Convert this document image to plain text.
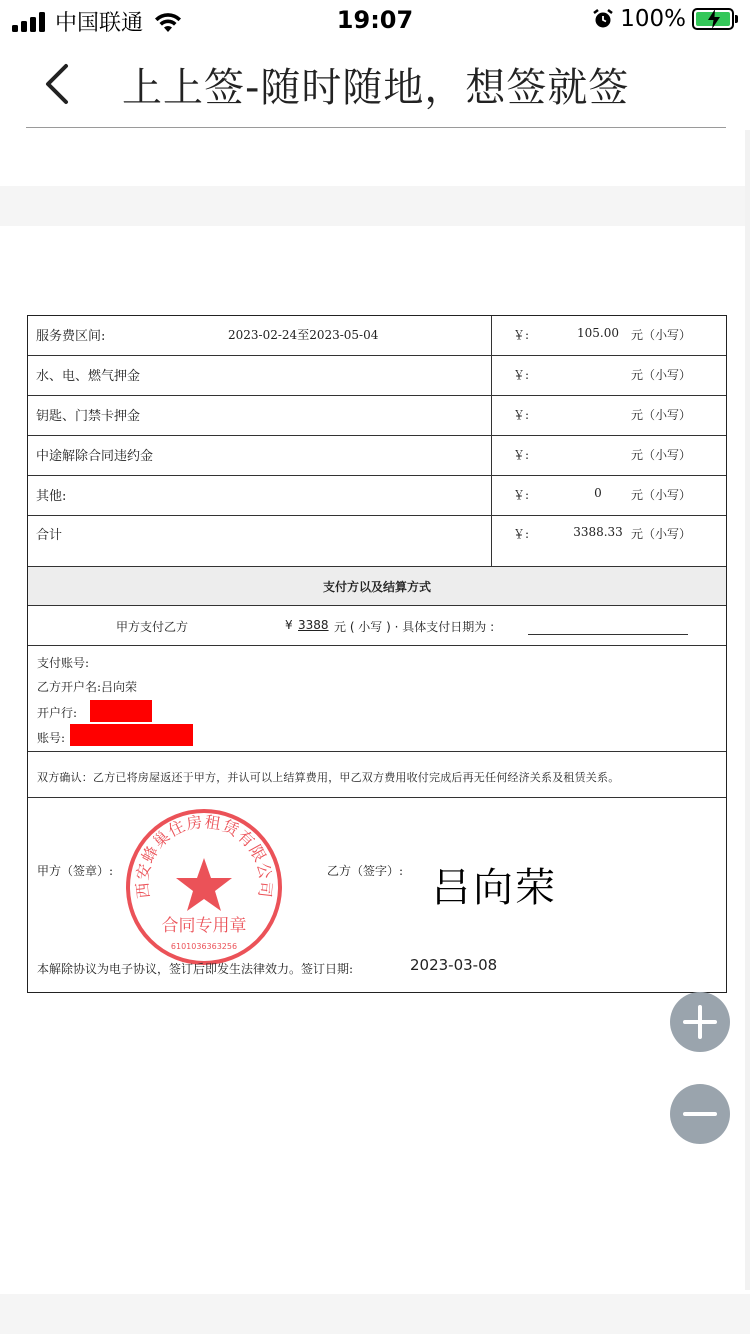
中国联通	19:07	100%
上上签-随时随地，想签就签
服务费区间:	2023-02-24至2023-05-04	￥:	105.00	元（小写）
水、电、燃气押金	￥:	元（小写）
钥匙、门禁卡押金	￥:	元（小写）
中途解除合同违约金	￥:	元（小写）
其他:	￥:	0	元（小写）
合计	￥:	3388.33 元（小写）
支付方以及结算方式
甲方支付乙方	¥ 3388 元 ( 小写 ) · 具体支付日期为 :
支付账号:
乙方开户名:吕向荣
开户行:
账号:
双方确认：乙方已将房屋返还于甲方，并认可以上结算费用，甲乙双方费用收付完成后再无任何经济关系及租赁关系。
甲方（签章）:
西安蜂巢住房租赁有限公司
合同专用章
6101036363256
乙方（签字）: 吕向荣
本解除协议为电子协议，签订后即发生法律效力。签订日期:	2023-03-08
